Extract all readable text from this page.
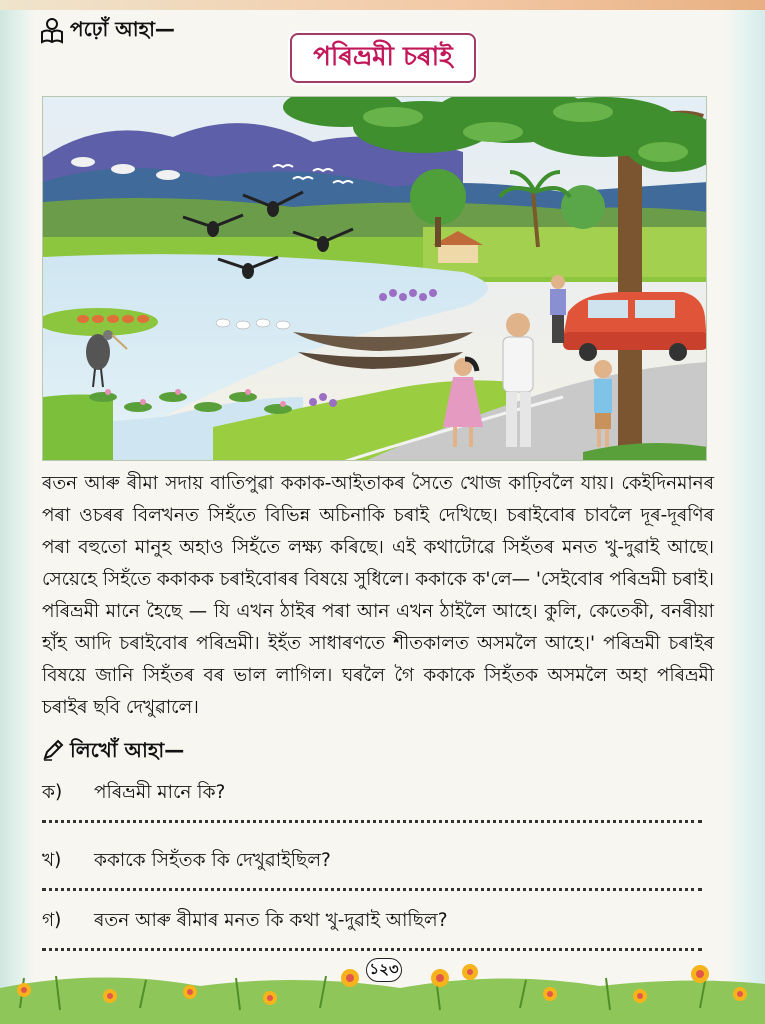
পঢ়োঁ আহা—
পৰিভ্ৰমী চৰাই

ৰতন আৰু ৰীমা সদায় বাতিপুৱা ককাক-আইতাকৰ সৈতে খোজ কাঢ়িবলৈ যায়। কেইদিনমানৰ পৰা ওচৰৰ বিলখনত সিহঁতে বিভিন্ন অচিনাকি চৰাই দেখিছে। চৰাইবোৰ চাবলৈ দূৰ-দূৰণিৰ পৰা বহুতো মানুহ অহাও সিহঁতে লক্ষ্য কৰিছে। এই কথাটোৱে সিহঁতৰ মনত খু-দুৱাই আছে। সেয়েহে সিহঁতে ককাকক চৰাইবোৰৰ বিষয়ে সুধিলে। ককাকে ক'লে— 'সেইবোৰ পৰিভ্ৰমী চৰাই। পৰিভ্ৰমী মানে হৈছে — যি এখন ঠাইৰ পৰা আন এখন ঠাইলৈ আহে। কুলি, কেতেকী, বনৰীয়া হাঁহ আদি চৰাইবোৰ পৰিভ্ৰমী। ইহঁত সাধাৰণতে শীতকালত অসমলৈ আহে।' পৰিভ্ৰমী চৰাইৰ বিষয়ে জানি সিহঁতৰ বৰ ভাল লাগিল। ঘৰলৈ গৈ ককাকে সিহঁতক অসমলৈ অহা পৰিভ্ৰমী চৰাইৰ ছবি দেখুৱালে।

লিখোঁ আহা—
ক)	পৰিভ্ৰমী মানে কি?
খ)	ককাকে সিহঁতক কি দেখুৱাইছিল?
গ)	ৰতন আৰু ৰীমাৰ মনত কি কথা খু-দুৱাই আছিল?
১২৩
